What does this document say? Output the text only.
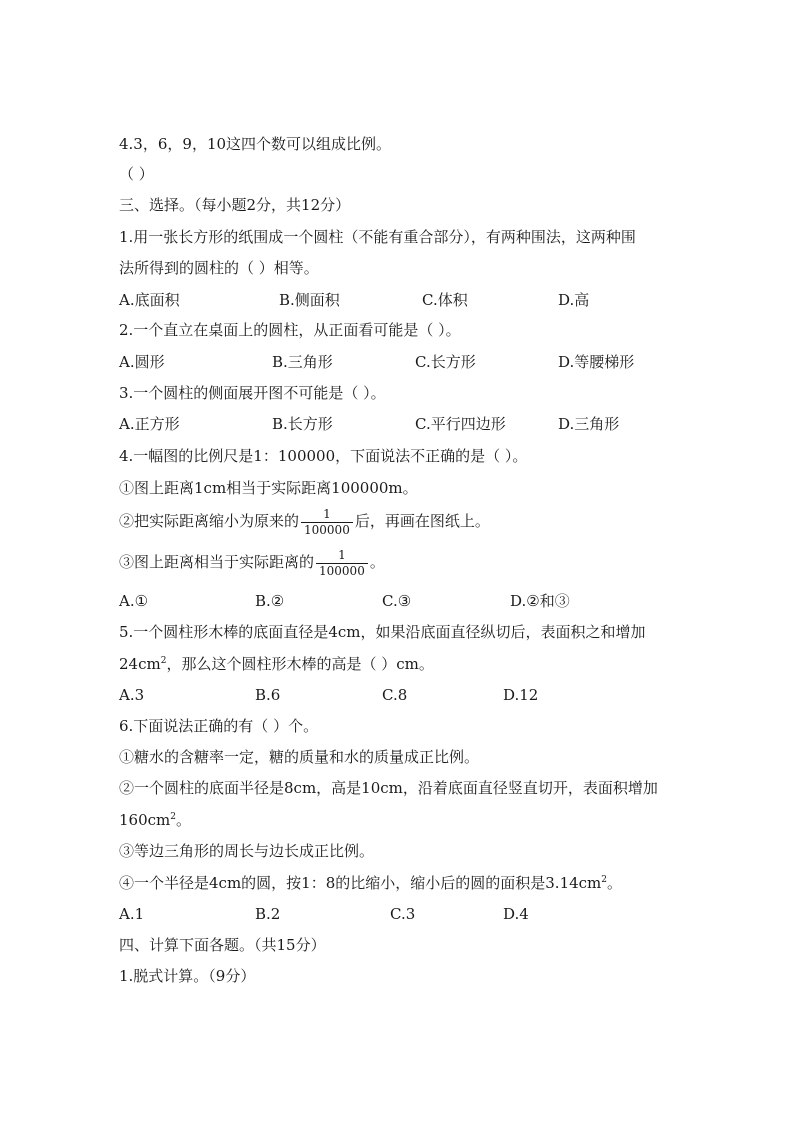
4.3，6，9，10这四个数可以组成比例。
（ ）
三、选择。（每小题2分，共12分）
1.用一张长方形的纸围成一个圆柱（不能有重合部分），有两种围法，这两种围
法所得到的圆柱的（ ）相等。
A.底面积	B.侧面积	C.体积	D.高
2.一个直立在桌面上的圆柱，从正面看可能是（ ）。
A.圆形	B.三角形	C.长方形	D.等腰梯形
3.一个圆柱的侧面展开图不可能是（ ）。
A.正方形	B.长方形	C.平行四边形	D.三角形
4.一幅图的比例尺是1：100000，下面说法不正确的是（ ）。
①图上距离1cm相当于实际距离100000m。
②把实际距离缩小为原来的 $\frac{1}{100000}$ 后，再画在图纸上。
③图上距离相当于实际距离的 $\frac{1}{100000}$ 。
A.①	B.②	C.③	D.②和③
5.一个圆柱形木棒的底面直径是4cm，如果沿底面直径纵切后，表面积之和增加
$24cm^2$，那么这个圆柱形木棒的高是（ ）cm。
A.3	B.6	C.8	D.12
6.下面说法正确的有（ ）个。
①糖水的含糖率一定，糖的质量和水的质量成正比例。
②一个圆柱的底面半径是8cm，高是10cm，沿着底面直径竖直切开，表面积增加
$160cm^2$。
③等边三角形的周长与边长成正比例。
④一个半径是4cm的圆，按1：8的比缩小，缩小后的圆的面积是$3.14cm^2$。
A.1	B.2	C.3	D.4
四、计算下面各题。（共15分）
1.脱式计算。（9分）
